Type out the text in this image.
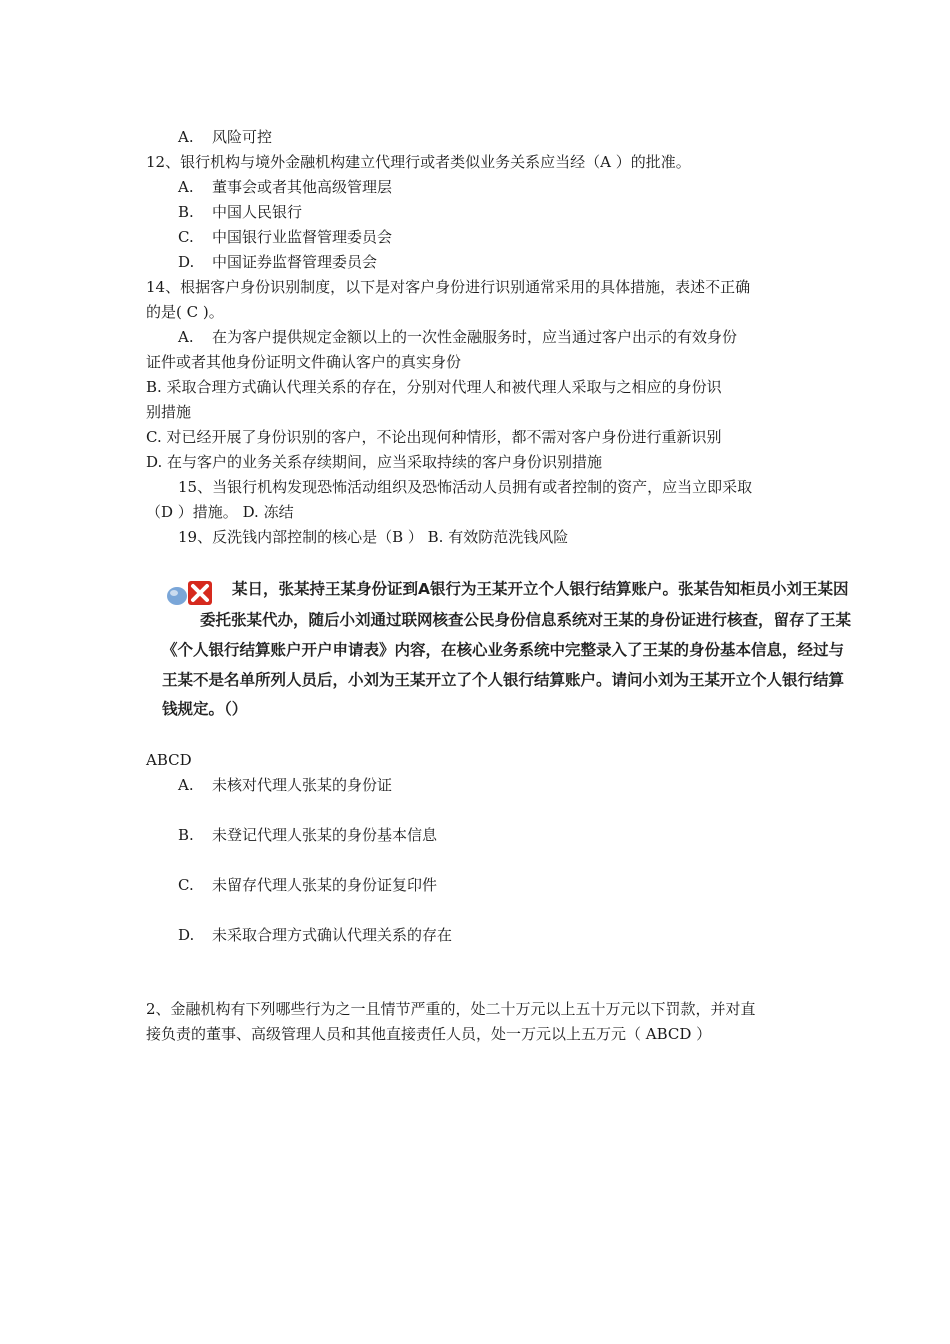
A. 风险可控
12、银行机构与境外金融机构建立代理行或者类似业务关系应当经（A ）的批准。
A. 董事会或者其他高级管理层
B. 中国人民银行
C. 中国银行业监督管理委员会
D. 中国证券监督管理委员会
14、根据客户身份识别制度，以下是对客户身份进行识别通常采用的具体措施，表述不正确
的是( C )。
A. 在为客户提供规定金额以上的一次性金融服务时，应当通过客户出示的有效身份
证件或者其他身份证明文件确认客户的真实身份
B. 采取合理方式确认代理关系的存在，分别对代理人和被代理人采取与之相应的身份识
别措施
C. 对已经开展了身份识别的客户，不论出现何种情形，都不需对客户身份进行重新识别
D. 在与客户的业务关系存续期间，应当采取持续的客户身份识别措施
15、当银行机构发现恐怖活动组织及恐怖活动人员拥有或者控制的资产，应当立即采取
（D ）措施。 D. 冻结
19、反洗钱内部控制的核心是（B ） B. 有效防范洗钱风险
某日，张某持王某身份证到A银行为王某开立个人银行结算账户。张某告知柜员小刘王某因
委托张某代办，随后小刘通过联网核查公民身份信息系统对王某的身份证进行核查，留存了王某
《个人银行结算账户开户申请表》内容，在核心业务系统中完整录入了王某的身份基本信息，经过与
王某不是名单所列人员后，小刘为王某开立了个人银行结算账户。请问小刘为王某开立个人银行结算
钱规定。（）
ABCD
A. 未核对代理人张某的身份证
B. 未登记代理人张某的身份基本信息
C. 未留存代理人张某的身份证复印件
D. 未采取合理方式确认代理关系的存在
2、金融机构有下列哪些行为之一且情节严重的，处二十万元以上五十万元以下罚款，并对直
接负责的董事、高级管理人员和其他直接责任人员，处一万元以上五万元（ ABCD ）
